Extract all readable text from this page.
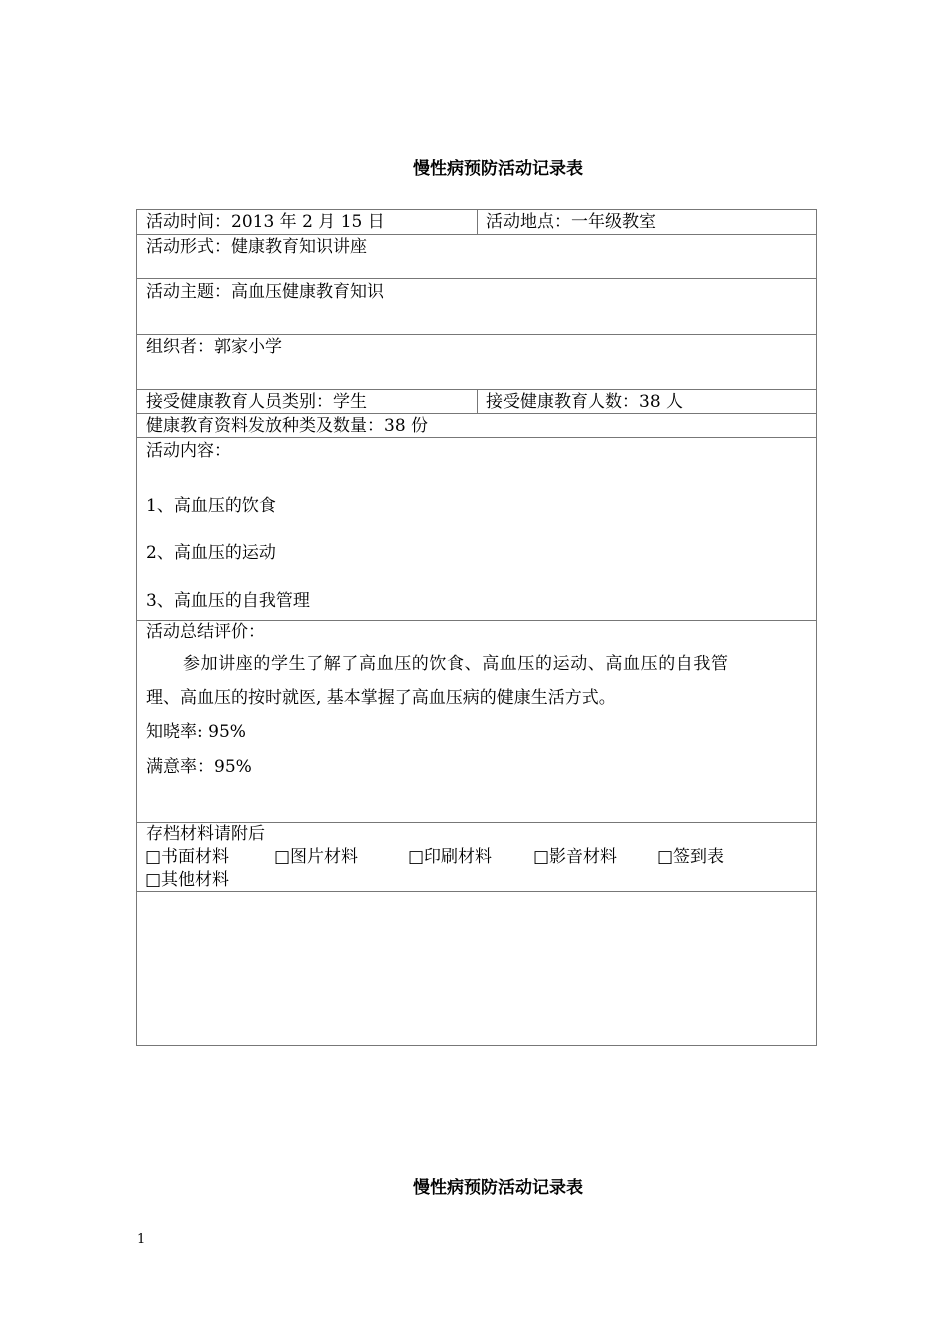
慢性病预防活动记录表
活动时间：2013 年 2 月 15 日	活动地点：一年级教室
活动形式：健康教育知识讲座
活动主题：高血压健康教育知识
组织者：郭家小学
接受健康教育人员类别：学生	接受健康教育人数：38 人
健康教育资料发放种类及数量：38 份
活动内容：
1、高血压的饮食
2、高血压的运动
3、高血压的自我管理
活动总结评价：
参加讲座的学生了解了高血压的饮食、高血压的运动、高血压的自我管
理、高血压的按时就医, 基本掌握了高血压病的健康生活方式。
知晓率: 95%
满意率：95%
存档材料请附后
□书面材料	□图片材料	□印刷材料 □影音材料 □签到表
□其他材料
慢性病预防活动记录表
1
